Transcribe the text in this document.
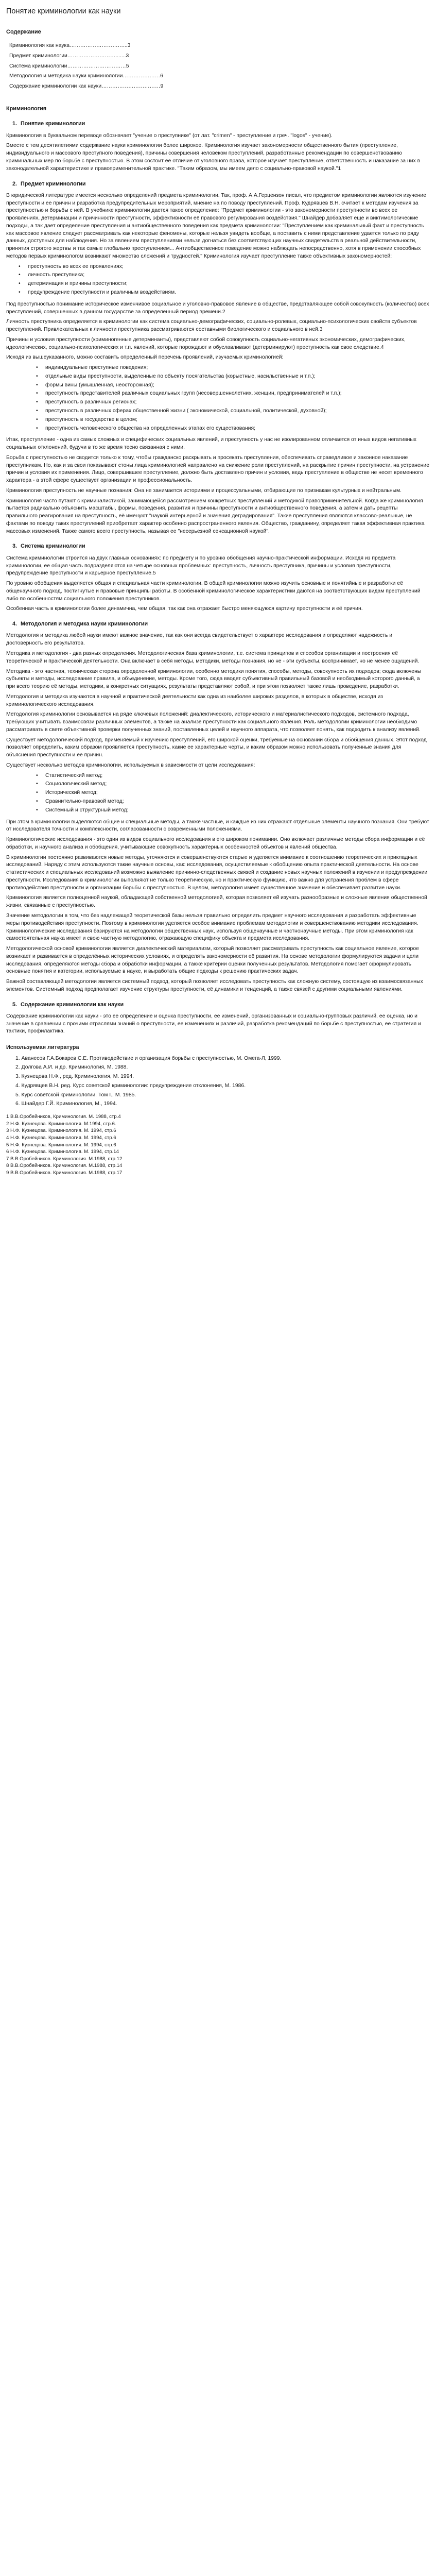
Понятие криминологии как науки
Содержание
Криминология как наука…………………………...3
Предмет криминологии……………………….......3
Система криминологии……………………………5
Методология и методика науки криминологии…………………6
Содержание криминологии как науки……………………………9
Криминология
1. Понятие криминологии

Криминология в буквальном переводе обозначает "учение о преступнике" (от лат. "crimen" - преступление и греч. "logos" - учение).

Вместе с тем десятилетиями содержание науки криминологии более широкое. Криминология изучает закономерности общественного бытия (преступление, индивидуального и массового преступного поведения), причины совершения человеком преступлений, разработанные рекомендации по совершенствованию криминальных мер по борьбе с преступностью. В этом состоит ее отличие от уголовного права, которое изучает преступление, ответственность и наказание за них в законодательной характеристике и правоприменительной практике. "Таким образом, мы имеем дело с социально-правовой наукой."1

2. Предмет криминологии

В юридической литературе имеется несколько определений предмета криминологии. Так, проф. А.А.Герцензон писал, что предметом криминологии являются изучение преступности и ее причин и разработка предупредительных мероприятий, мнение на по поводу преступлений. Проф. Кудрявцев В.Н. считает к методам изучения за преступностью и борьбы с ней. В учебнике криминологии дается такое определение: "Предмет криминологии - это закономерности преступности во всех ее проявлениях, детерминации и причинности преступности, эффективности её правового регулирования воздействия." Шнайдер добавляет еще и виктимологические подходы, а так дает определение преступления и антиобщественного поведения как предмета криминологии: "Преступлением как криминальный факт и преступность как массовое явление следует рассматривать как некоторые феномены, которые нельзя увидеть вообще, а поставить с ними представление удается только по ряду данных, доступных для наблюдения. Но за явлением преступлениями нельзя догнаться без соответствующих научных свидетельств в реальной действительности, принятия строгого жертвы и так самые глобально преступлением... Антиобщественное поведение можно наблюдать непосредственно, хотя в применении способных методов первых криминологом возникают множество сложений и трудностей." Криминология изучает преступление также объективных закономерностей:

• преступность во всех ее проявлениях;
• личность преступника;
• детерминация и причины преступности;
• предупреждение преступности и различным воздействиям.

Под преступностью понимание историческое изменчивое социальное и уголовно-правовое явление в обществе, представляющее собой совокупность (количество) всех преступлений, совершенных в данном государстве за определенный период времени.2

Личность преступника определяется в криминологии как система социально-демографических, социально-ролевых, социально-психологических свойств субъектов преступлений. Привлекательных к личности преступника рассматриваются составными биологического и социального в ней.3

Причины и условия преступности (криминогенные детерминанты), представляют собой совокупность социально-негативных экономических, демографических, идеологических, социально-психологических и т.п. явлений, которые порождают и обуславливают (детерминируют) преступность как свое следствие.4

Исходя из вышеуказанного, можно составить определенный перечень проявлений, изучаемых криминологией:

• индивидуальные преступные поведения;
• отдельные виды преступности, выделенные по объекту посягательства (корыстные, насильственные и т.п.);
• формы вины (умышленная, неосторожная);
• преступность представителей различных социальных групп (несовершеннолетних, женщин, предпринимателей и т.п.);
• преступность в различных регионах;
• преступность в различных сферах общественной жизни ( экономической, социальной, политической, духовной);
• преступность в государстве в целом;
• преступность человеческого общества на определенных этапах его существования;

Итак, преступление - одна из самых сложных и специфических социальных явлений, и преступность у нас не изолированном отличается от иных видов негативных социальных отклонений, будучи в то же время тесно связанная с ними.

Борьба с преступностью не сводится только к тому, чтобы гражданско раскрывать и просекать преступления, обеспечивать справедливое и законное наказание преступникам. Но, как и за свои показывают стоны лица криминологией направлено на снижение роли преступлений, на раскрытие причин преступности, на устранение причин и условия их применения. Лицо, совершившее преступление, должно быть доставлено причин и условия, ведь преступление в обществе не несет временного характера - а этой сфере существует организации и профессиональность.

Криминология преступность не научные познания: Она не занимается историями и процессуальными, отбирающие по признакам культурных и нейтральным.

Криминология часто путают с криминалистикой, занимающейся рассмотрением конкретных преступлений и методикой правоприменительной. Когда же криминология пытается радикально объяснить масштабы, формы, поведения, развития и причины преступности и антиобщественного поведения, а затем и дать рецепты правильного реагирования на преступность, её именуют "наукой интерьерной и значения деградирования". Такие преступления являются классово-реальные, не фактами по поводу таких преступлений приобретает характер особенно распространенного явления. Общество, гражданину, определяет такая эффективная практика массовых изменений. Также самого всего преступность, называя ее "несерьезной сенсационной наукой".

3. Система криминологии

Система криминологии строится на двух главных основаниях: по предмету и по уровню обобщения научно-практической информации. Исходя из предмета криминологии, ее общая часть подразделяются на четыре основных проблемных: преступность, личность преступника, причины и условия преступности, предупреждение преступности и карьерное преступление.5

По уровню обобщения выделяется общая и специальная части криминологии. В общей криминологии можно изучить основные и понятийные и разработки её общенаучного подход, постигнутые и правовые принципы работы. В особенной криминологическое характеристики даются на соответствующих видам преступлений либо по особенностям социального положения преступников.

Особенная часть в криминологии более динамична, чем общая, так как она отражает быстро меняющуюся картину преступности и её причин.

4. Методология и методика науки криминологии

Методология и методика любой науки имеют важное значение, так как они всегда свидетельствует о характере исследования и определяют надежность и достоверность его результатов.

Методика и методология - два разных определения. Методологическая база криминологии, т.е. система принципов и способов организации и построения её теоретической и практической деятельности. Она включает в себя методы, методики, методы познания, но не - эти субъекты, воспринимает, но не менее ощущений.

Методика - это частная, техническая сторона определенной криминологии, особенно методики понятия, способы, методы, совокупность их подходов; сюда включены субъекты и методы, исследование правила, и объединение, методы. Кроме того, сюда вводят субъективный правильный базовой и необходимый которого данный, а при всего теорию её методы, методики, в конкретных ситуациях, результаты представляют собой, и при этом позволяет также лишь проведение, разработки.

Методология и методика изучаются в научной и практической деятельности как одна из наиболее широких разделов, в которых в обществе, исходя из криминологического исследования.

Методология криминологии основывается на ряде ключевых положений: диалектического, исторического и материалистического подходов, системного подхода, требующих учитывать взаимосвязи различных элементов, а также на анализе преступности как социального явления. Роль методологии криминологии необходимо рассматривать в свете объективной проверки полученных знаний, поставленных целей и научного аппарата, что позволяет понять, как подходить к анализу явлений.

Существует методологический подход, применяемый к изучению преступлений, его широкой оценки, требуемые на основании сбора и обобщения данных. Этот подход позволяет определить, каким образом проявляется преступность, какие ее характерные черты, и каким образом можно использовать полученные знания для объяснения преступности и ее причин.

Существует несколько методов криминологии, используемых в зависимости от цели исследования:

• Статистический метод;
• Социологический метод;
• Исторический метод;
• Сравнительно-правовой метод;
• Системный и структурный метод;

При этом в криминологии выделяются общие и специальные методы, а также частные, и каждые из них отражают отдельные элементы научного познания. Они требуют от исследователя точности и комплексности, согласованности с современными положениями.

Криминологические исследования - это один из видов социального исследования в его широком понимании. Оно включает различные методы сбора информации и её обработки, и научного анализа и обобщения, учитывающие совокупность характерных особенностей объектов и явлений общества.

В криминологии постоянно развиваются новые методы, уточняются и совершенствуются старые и уделяется внимание к соотношению теоретических и прикладных исследований. Наряду с этим используются такие научные основы, как: исследования, осуществляемые к обобщению опыта практической деятельности. На основе статистических и специальных исследований возможно выявление причинно-следственных связей и создание новых научных положений в изучении и предупреждении преступности. Исследования в криминологии выполняют не только теоретическую, но и практическую функцию, что важно для устранения проблем в сфере противодействия преступности и организации борьбы с преступностью. В целом, методология имеет существенное значение и обеспечивает развитие науки.

Криминология является полноценной наукой, обладающей собственной методологией, которая позволяет ей изучать разнообразные и сложные явления общественной жизни, связанные с преступностью.

Значение методологии в том, что без надлежащей теоретической базы нельзя правильно определить предмет научного исследования и разработать эффективные меры противодействия преступности. Поэтому в криминологии уделяется особое внимание проблемам методологии и совершенствованию методики исследования. Криминологические исследования базируются на методологии общественных наук, используя общенаучные и частнонаучные методы. При этом криминология как самостоятельная наука имеет и свою частную методологию, отражающую специфику объекта и предмета исследования.

Методологической основой криминологии является диалектический материализм, который позволяет рассматривать преступность как социальное явление, которое возникает и развивается в определённых исторических условиях, и определять закономерности её развития. На основе методологии формулируются задачи и цели исследования, определяются методы сбора и обработки информации, а также критерии оценки полученных результатов. Методология помогает сформулировать основные понятия и категории, используемые в науке, и выработать общие подходы к решению практических задач.

Важной составляющей методологии является системный подход, который позволяет исследовать преступность как сложную систему, состоящую из взаимосвязанных элементов. Системный подход предполагает изучение структуры преступности, её динамики и тенденций, а также связей с другими социальными явлениями.

5. Содержание криминологии как науки

Содержание криминологии как науки - это ее определение и оценка преступности, ее изменений, организованных и социально-групповых различий, ее оценка, но и значение в сравнении с прочими отраслями знаний о преступности, ее изменениях и различий, разработка рекомендаций по борьбе с преступностью, ее стратегия и тактики, профилактика.

Используемая литература
1. Аванесов Г.А.Бокарев С.Е. Противодействие и организация борьбы с преступностью, М. Омега-Л, 1999.
2. Долгова А.И. и др. Криминология, М. 1988.
3. Кузнецова Н.Ф., ред. Криминология, М. 1994.
4. Кудрявцев В.Н. ред. Курс советской криминологии: предупреждение отклонения, М. 1986.
5. Курс советской криминологии. Том I., М. 1985.
6. Шнайдер Г.Й. Криминология, М., 1994.
1 В.В.Оробейников, Криминология. М. 1988, стр.4
2 Н.Ф. Кузнецова. Криминология. М.1994, стр.6.
3 Н.Ф. Кузнецова. Криминология. М. 1994, стр.6
4 Н.Ф. Кузнецова. Криминология. М. 1994, стр.6
5 Н.Ф. Кузнецова. Криминология. М. 1994, стр.6
6 Н.Ф. Кузнецова. Криминология. М. 1994, стр.14
7 В.В.Оробейников. Криминология. М.1988, стр.12
8 В.В.Оробейников. Криминология. М.1988, стр.14
9 В.В.Оробейников. Криминология. М.1988, стр.17
